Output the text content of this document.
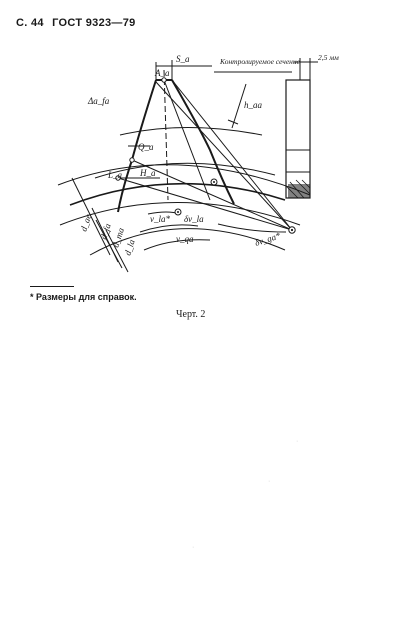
С. 44 ГОСТ 9323—79
S_a
A_a
Контролируемое сечение 2,5 мм
Δa_fa	h_aa
Q_a
L_a H_a
d_ae d_fa
d_ma
d_la
ν_la* δν_la
ν_qa	δν_ga*
* Размеры для справок.
Черт. 2
·
·
·
